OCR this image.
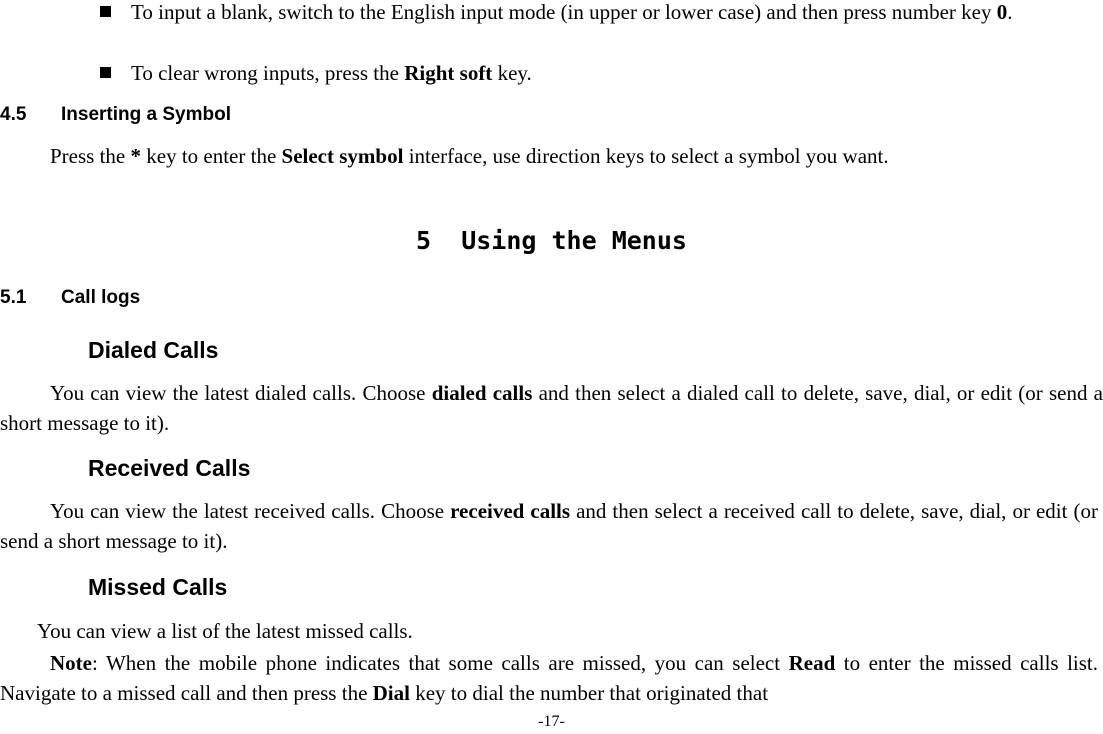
To input a blank, switch to the English input mode (in upper or lower case) and then press number key 0.

To clear wrong inputs, press the Right soft key.

4.5 Inserting a Symbol

Press the * key to enter the Select symbol interface, use direction keys to select a symbol you want.

5 Using the Menus
5.1 Call logs
Dialed Calls

You can view the latest dialed calls. Choose dialed calls and then select a dialed call to delete, save, dial, or edit (or send a short message to it).

Received Calls

You can view the latest received calls. Choose received calls and then select a received call to delete, save, dial, or edit (or send a short message to it).

Missed Calls

You can view a list of the latest missed calls.

Note: When the mobile phone indicates that some calls are missed, you can select Read to enter the missed calls list. Navigate to a missed call and then press the Dial key to dial the number that originated that

-17-
